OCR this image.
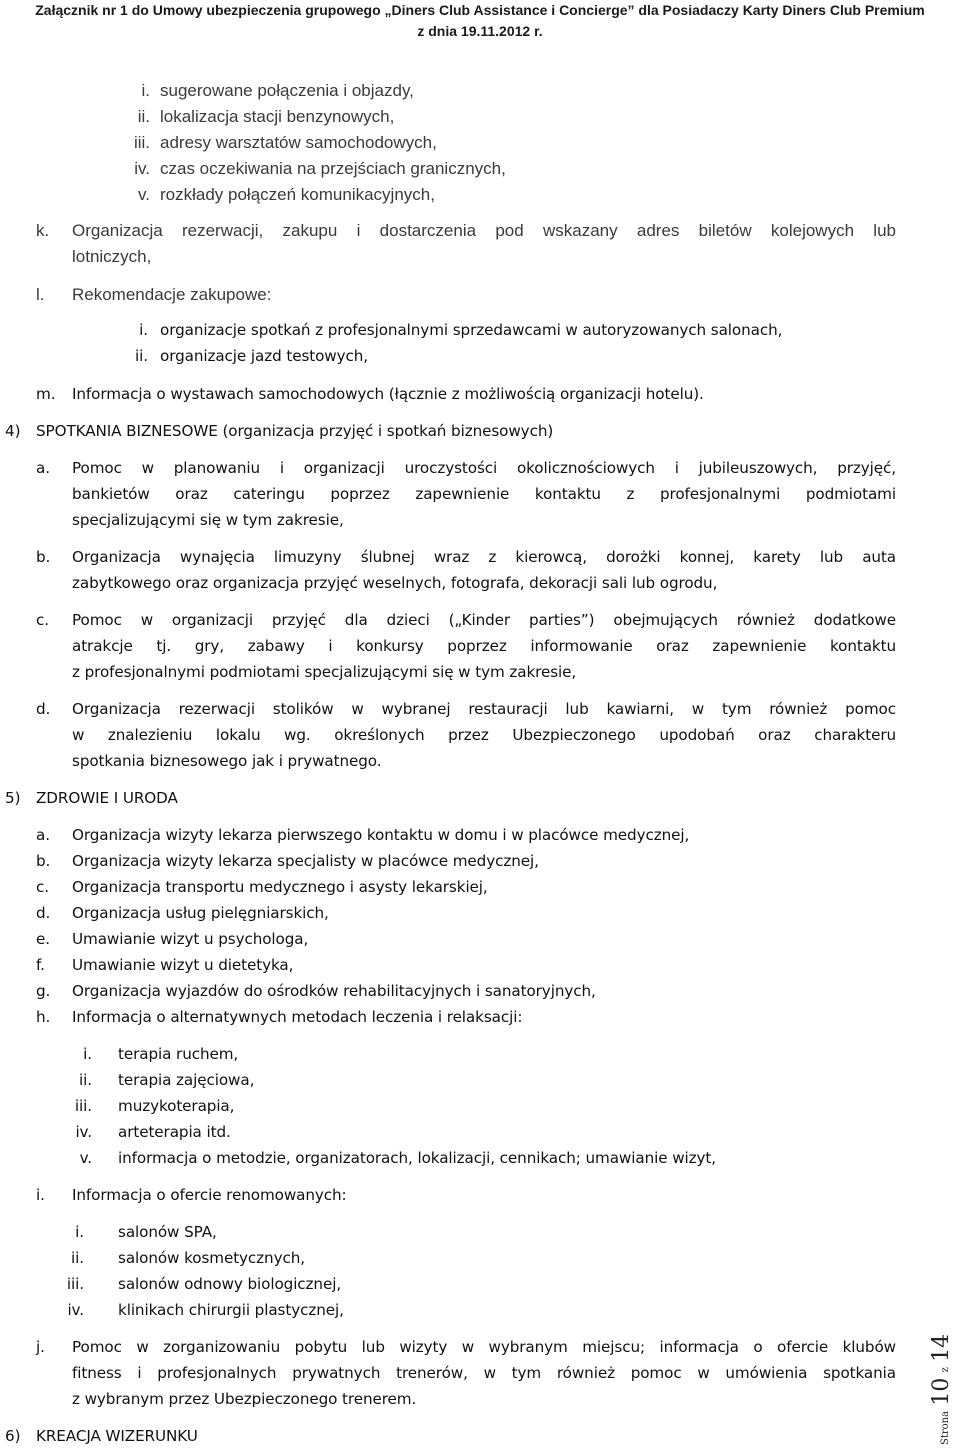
Załącznik nr 1 do Umowy ubezpieczenia grupowego „Diners Club Assistance i Concierge” dla Posiadaczy Karty Diners Club Premium
z dnia 19.11.2012 r.
i. sugerowane połączenia i objazdy,
ii. lokalizacja stacji benzynowych,
iii. adresy warsztatów samochodowych,
iv. czas oczekiwania na przejściach granicznych,
v. rozkłady połączeń komunikacyjnych,
k. Organizacja rezerwacji, zakupu i dostarczenia pod wskazany adres biletów kolejowych lub
lotniczych,
l. Rekomendacje zakupowe:
i. organizacje spotkań z profesjonalnymi sprzedawcami w autoryzowanych salonach,
ii. organizacje jazd testowych,
m. Informacja o wystawach samochodowych (łącznie z możliwością organizacji hotelu).
4) SPOTKANIA BIZNESOWE (organizacja przyjęć i spotkań biznesowych)
a. Pomoc w planowaniu i organizacji uroczystości okolicznościowych i jubileuszowych, przyjęć,
bankietów oraz cateringu poprzez zapewnienie kontaktu z profesjonalnymi podmiotami
specjalizującymi się w tym zakresie,
b. Organizacja wynajęcia limuzyny ślubnej wraz z kierowcą, dorożki konnej, karety lub auta
zabytkowego oraz organizacja przyjęć weselnych, fotografa, dekoracji sali lub ogrodu,
c. Pomoc w organizacji przyjęć dla dzieci („Kinder parties”) obejmujących również dodatkowe
atrakcje tj. gry, zabawy i konkursy poprzez informowanie oraz zapewnienie kontaktu
z profesjonalnymi podmiotami specjalizującymi się w tym zakresie,
d. Organizacja rezerwacji stolików w wybranej restauracji lub kawiarni, w tym również pomoc
w znalezieniu lokalu wg. określonych przez Ubezpieczonego upodobań oraz charakteru
spotkania biznesowego jak i prywatnego.
5) ZDROWIE I URODA
a. Organizacja wizyty lekarza pierwszego kontaktu w domu i w placówce medycznej,
b. Organizacja wizyty lekarza specjalisty w placówce medycznej,
c. Organizacja transportu medycznego i asysty lekarskiej,
d. Organizacja usług pielęgniarskich,
e. Umawianie wizyt u psychologa,
f. Umawianie wizyt u dietetyka,
g. Organizacja wyjazdów do ośrodków rehabilitacyjnych i sanatoryjnych,
h. Informacja o alternatywnych metodach leczenia i relaksacji:
i. terapia ruchem,
ii. terapia zajęciowa,
iii. muzykoterapia,
iv. arteterapia itd.
v. informacja o metodzie, organizatorach, lokalizacji, cennikach; umawianie wizyt,
i. Informacja o ofercie renomowanych:
i. salonów SPA,
ii. salonów kosmetycznych,
iii. salonów odnowy biologicznej,
iv. klinikach chirurgii plastycznej,
j. Pomoc w zorganizowaniu pobytu lub wizyty w wybranym miejscu; informacja o ofercie klubów
fitness i profesjonalnych prywatnych trenerów, w tym również pomoc w umówienia spotkania
z wybranym przez Ubezpieczonego trenerem.
6) KREACJA WIZERUNKU	Strona 10 z 14
